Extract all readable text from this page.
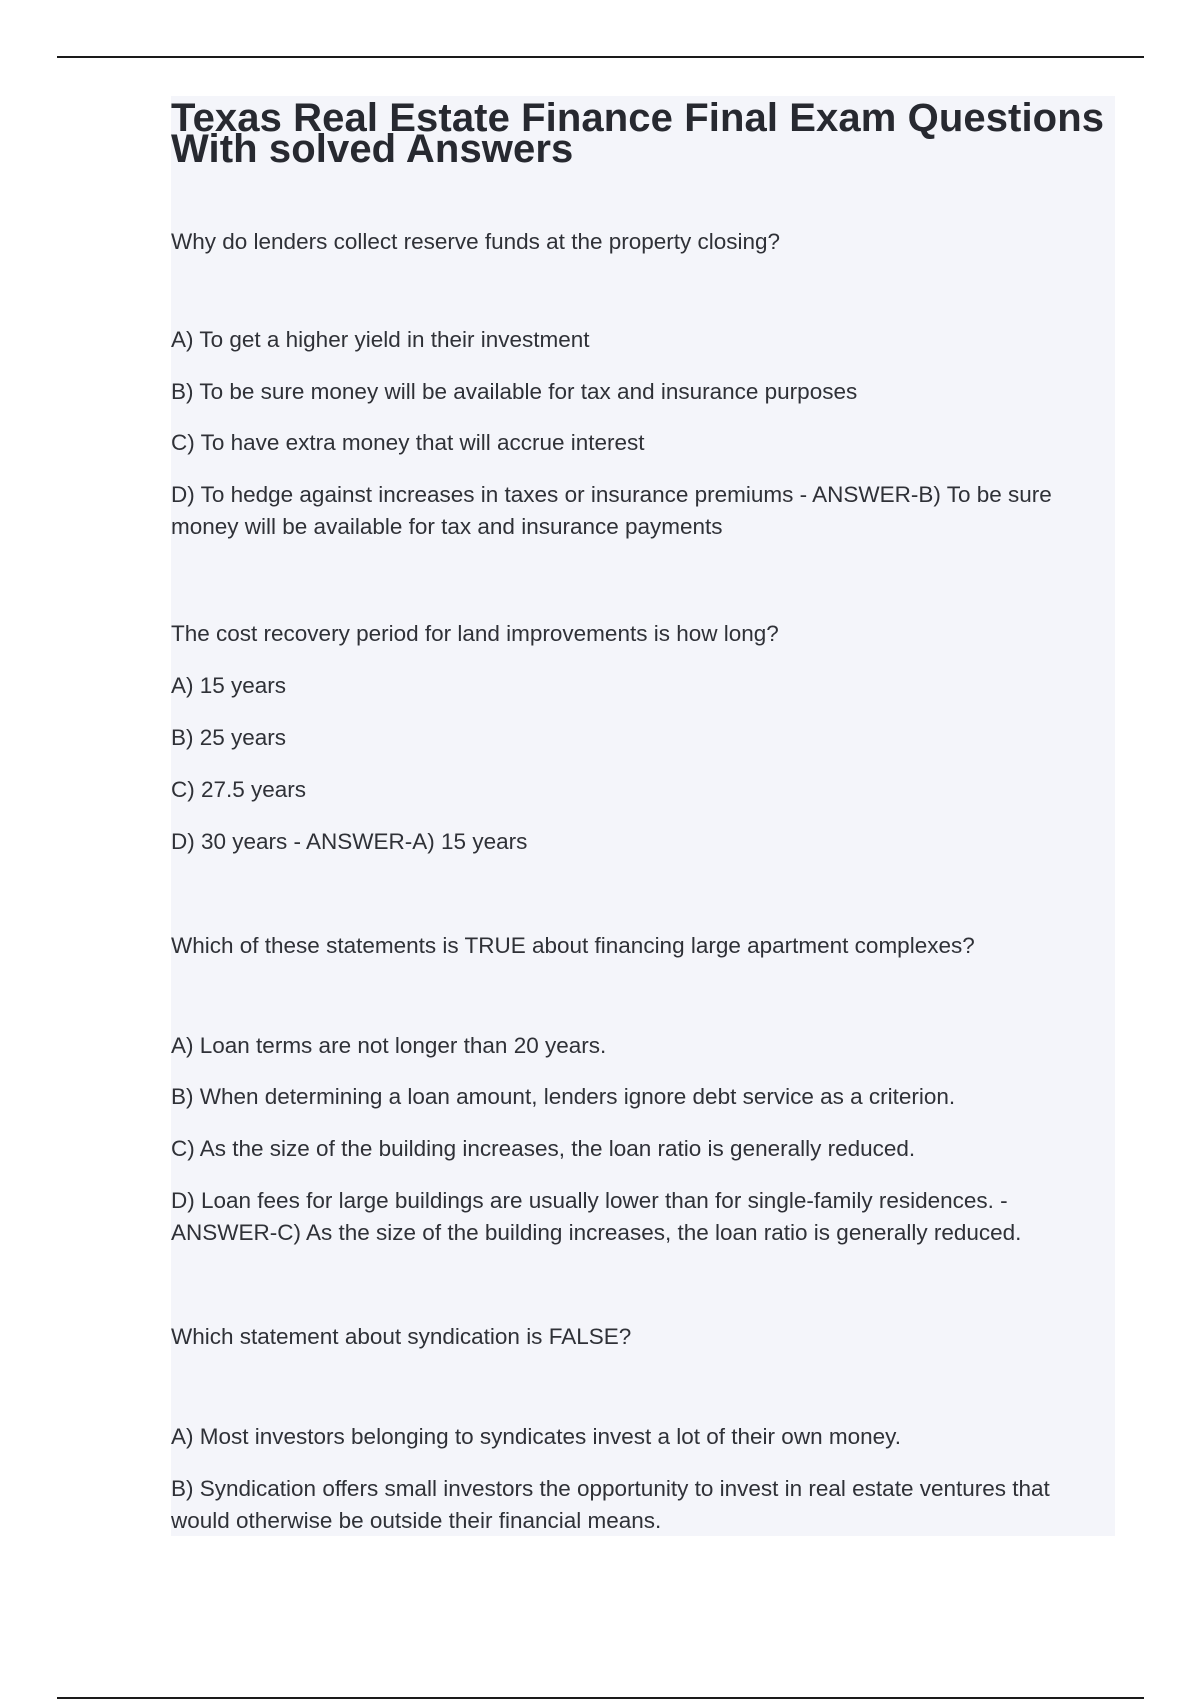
Texas Real Estate Finance Final Exam Questions With solved Answers

Why do lenders collect reserve funds at the property closing?

A) To get a higher yield in their investment

B) To be sure money will be available for tax and insurance purposes

C) To have extra money that will accrue interest

D) To hedge against increases in taxes or insurance premiums - ANSWER-B) To be sure money will be available for tax and insurance payments

The cost recovery period for land improvements is how long?

A) 15 years

B) 25 years

C) 27.5 years

D) 30 years - ANSWER-A) 15 years

Which of these statements is TRUE about financing large apartment complexes?

A) Loan terms are not longer than 20 years.

B) When determining a loan amount, lenders ignore debt service as a criterion.

C) As the size of the building increases, the loan ratio is generally reduced.

D) Loan fees for large buildings are usually lower than for single-family residences. - ANSWER-C) As the size of the building increases, the loan ratio is generally reduced.

Which statement about syndication is FALSE?

A) Most investors belonging to syndicates invest a lot of their own money.

B) Syndication offers small investors the opportunity to invest in real estate ventures that would otherwise be outside their financial means.
